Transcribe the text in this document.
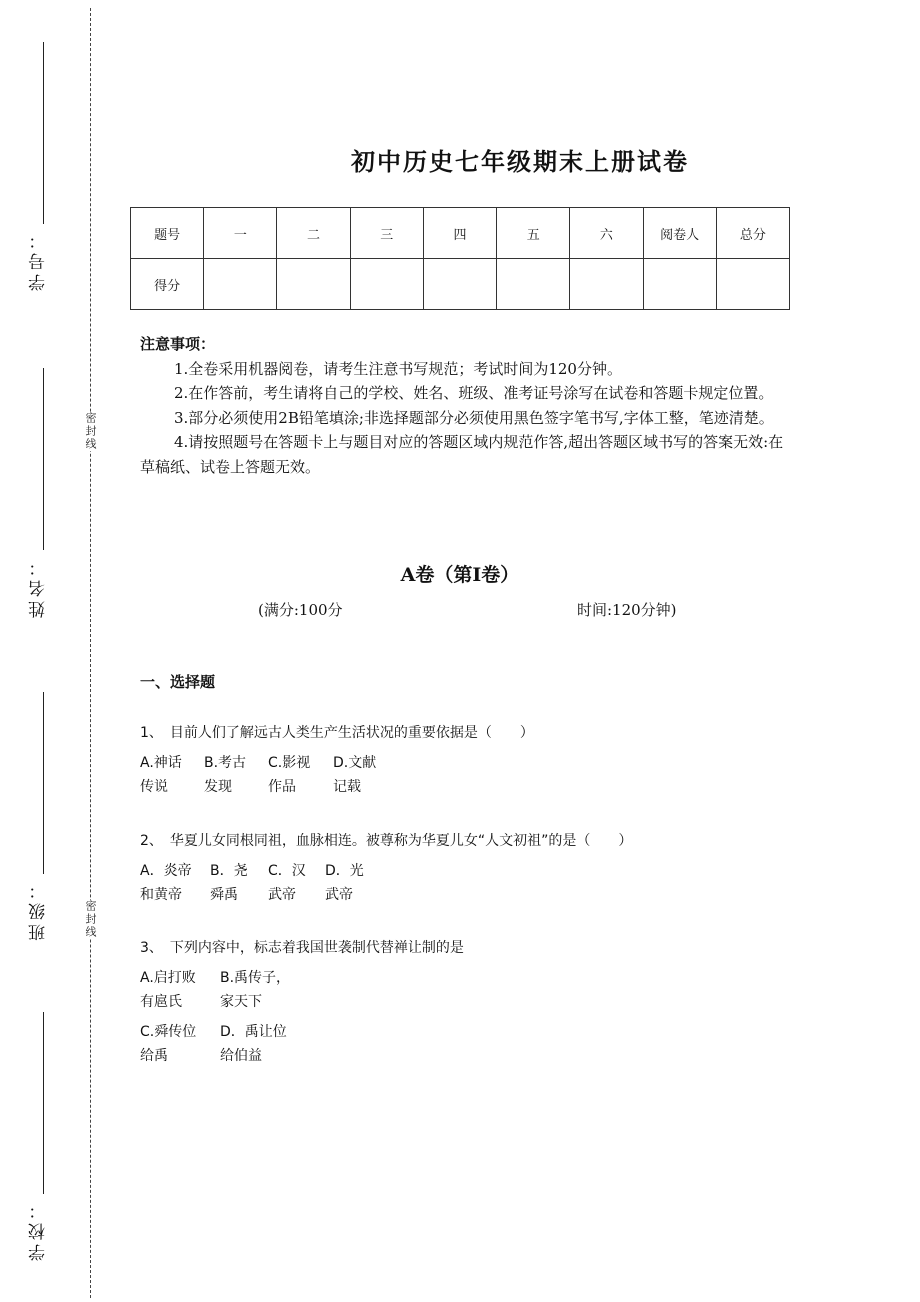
学号：
姓名：
班级：
学校：
密封线
密封线
初中历史七年级期末上册试卷
题号	一	二	三	四	五	六	阅卷人	总分
得分								
注意事项：
1.全卷采用机器阅卷，请考生注意书写规范；考试时间为120分钟。
2.在作答前，考生请将自己的学校、姓名、班级、准考证号涂写在试卷和答题卡规定位置。
3.部分必须使用2B铅笔填涂;非选择题部分必须使用黑色签字笔书写,字体工整，笔迹清楚。
4.请按照题号在答题卡上与题目对应的答题区域内规范作答,超出答题区域书写的答案无效:在草稿纸、试卷上答题无效。
A卷（第I卷）
(满分:100分	时间:120分钟)
一、选择题
1、　目前人们了解远古人类生产生活状况的重要依据是（　　）
A.神话
传说
B.考古
发现
C.影视
作品
D.文献
记载
2、　华夏儿女同根同祖，血脉相连。被尊称为华夏儿女“人文初祖”的是（　　）
A．炎帝
和黄帝
B．尧
舜禹
C．汉
武帝
D．光
武帝
3、　下列内容中，标志着我国世袭制代替禅让制的是
A.启打败
有扈氏
B.禹传子，
家天下
C.舜传位
给禹
D．禹让位
给伯益
